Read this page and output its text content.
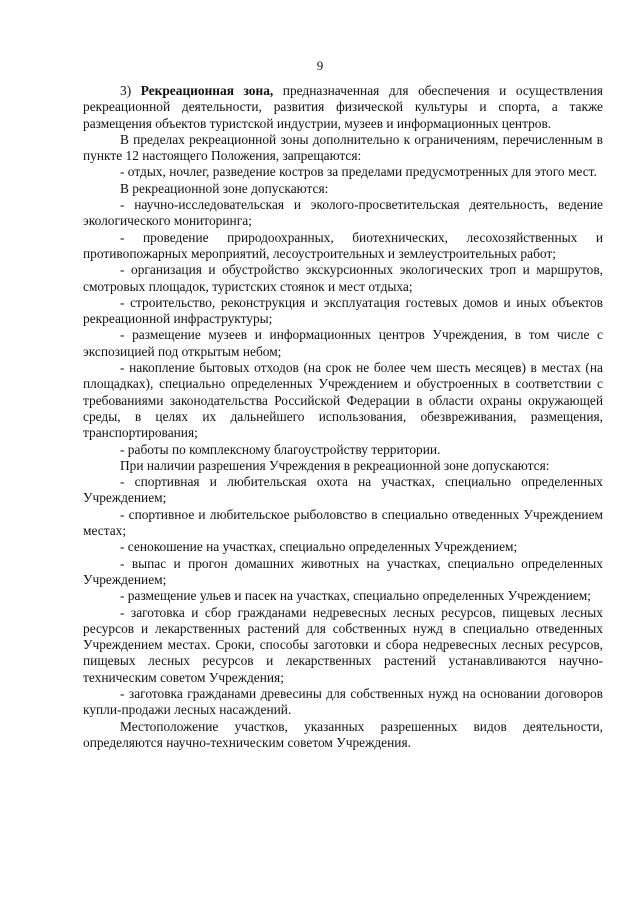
9

3) Рекреационная зона, предназначенная для обеспечения и осуществления рекреационной деятельности, развития физической культуры и спорта, а также размещения объектов туристской индустрии, музеев и информационных центров.

В пределах рекреационной зоны дополнительно к ограничениям, перечисленным в пункте 12 настоящего Положения, запрещаются:

- отдых, ночлег, разведение костров за пределами предусмотренных для этого мест.

В рекреационной зоне допускаются:

- научно-исследовательская и эколого-просветительская деятельность, ведение экологического мониторинга;

- проведение природоохранных, биотехнических, лесохозяйственных и противопожарных мероприятий, лесоустроительных и землеустроительных работ;

- организация и обустройство экскурсионных экологических троп и маршрутов, смотровых площадок, туристских стоянок и мест отдыха;

- строительство, реконструкция и эксплуатация гостевых домов и иных объектов рекреационной инфраструктуры;

- размещение музеев и информационных центров Учреждения, в том числе с экспозицией под открытым небом;

- накопление бытовых отходов (на срок не более чем шесть месяцев) в местах (на площадках), специально определенных Учреждением и обустроенных в соответствии с требованиями законодательства Российской Федерации в области охраны окружающей среды, в целях их дальнейшего использования, обезвреживания, размещения, транспортирования;

- работы по комплексному благоустройству территории.

При наличии разрешения Учреждения в рекреационной зоне допускаются:

- спортивная и любительская охота на участках, специально определенных Учреждением;

- спортивное и любительское рыболовство в специально отведенных Учреждением местах;

- сенокошение на участках, специально определенных Учреждением;

- выпас и прогон домашних животных на участках, специально определенных Учреждением;

- размещение ульев и пасек на участках, специально определенных Учреждением;

- заготовка и сбор гражданами недревесных лесных ресурсов, пищевых лесных ресурсов и лекарственных растений для собственных нужд в специально отведенных Учреждением местах. Сроки, способы заготовки и сбора недревесных лесных ресурсов, пищевых лесных ресурсов и лекарственных растений устанавливаются научно-техническим советом Учреждения;

- заготовка гражданами древесины для собственных нужд на основании договоров купли-продажи лесных насаждений.

Местоположение участков, указанных разрешенных видов деятельности, определяются научно-техническим советом Учреждения.
